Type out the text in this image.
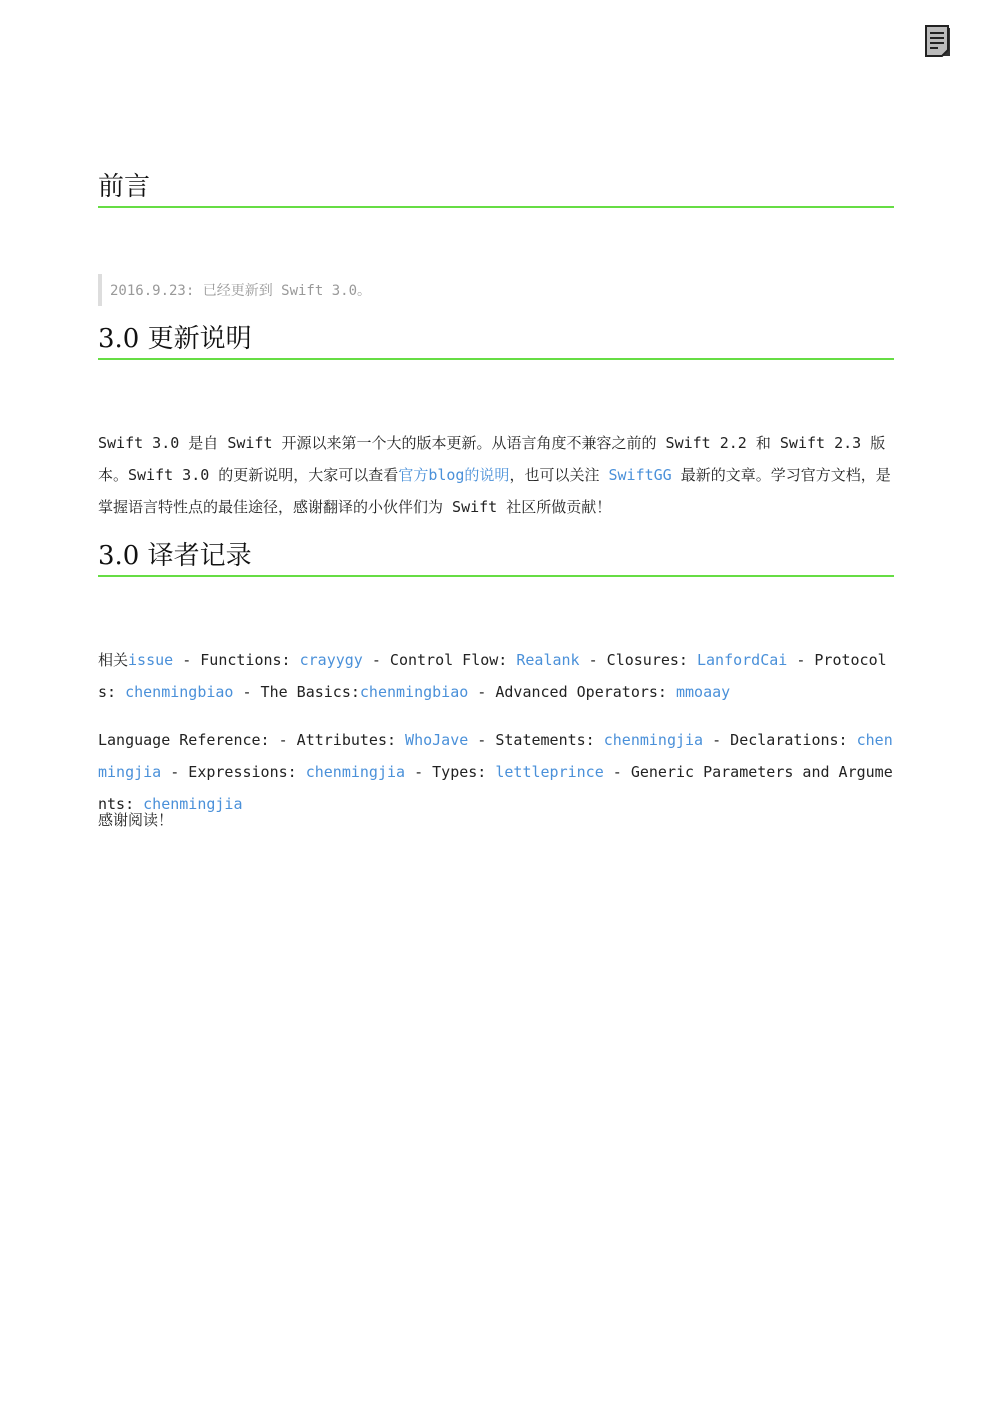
前言
2016.9.23: 已经更新到 Swift 3.0。
3.0 更新说明

Swift 3.0 是自 Swift 开源以来第一个大的版本更新。从语言角度不兼容之前的 Swift 2.2 和 Swift 2.3 版本。Swift 3.0 的更新说明，大家可以查看官方blog的说明，也可以关注 SwiftGG 最新的文章。学习官方文档，是掌握语言特性点的最佳途径，感谢翻译的小伙伴们为 Swift 社区所做贡献！

3.0 译者记录

相关issue - Functions: crayygy - Control Flow: Realank - Closures: LanfordCai - Protocols: chenmingbiao - The Basics:chenmingbiao - Advanced Operators: mmoaay

Language Reference: - Attributes: WhoJave - Statements: chenmingjia - Declarations: chenmingjia - Expressions: chenmingjia - Types: lettleprince - Generic Parameters and Arguments: chenmingjia

感谢阅读！
